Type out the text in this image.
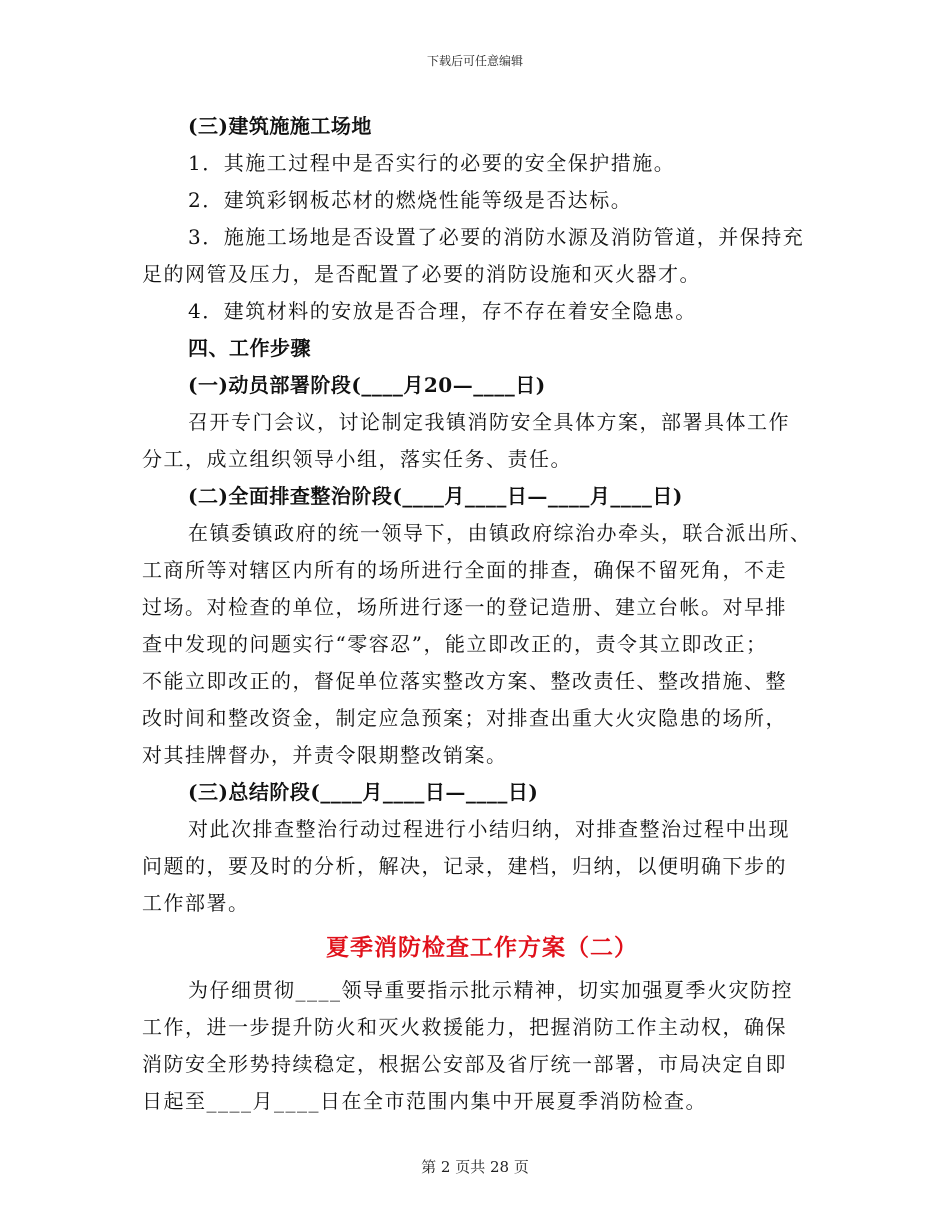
下载后可任意编辑
(三)建筑施施工场地
1．其施工过程中是否实行的必要的安全保护措施。
2．建筑彩钢板芯材的燃烧性能等级是否达标。
3．施施工场地是否设置了必要的消防水源及消防管道，并保持充
足的网管及压力，是否配置了必要的消防设施和灭火器才。
4．建筑材料的安放是否合理，存不存在着安全隐患。
四、工作步骤
(一)动员部署阶段(____月20—____日)
召开专门会议，讨论制定我镇消防安全具体方案，部署具体工作
分工，成立组织领导小组，落实任务、责任。
(二)全面排查整治阶段(____月____日—____月____日)
在镇委镇政府的统一领导下，由镇政府综治办牵头，联合派出所、
工商所等对辖区内所有的场所进行全面的排查，确保不留死角，不走
过场。对检查的单位，场所进行逐一的登记造册、建立台帐。对早排
查中发现的问题实行“零容忍”，能立即改正的，责令其立即改正；
不能立即改正的，督促单位落实整改方案、整改责任、整改措施、整
改时间和整改资金，制定应急预案；对排查出重大火灾隐患的场所，
对其挂牌督办，并责令限期整改销案。
(三)总结阶段(____月____日—____日)
对此次排查整治行动过程进行小结归纳，对排查整治过程中出现
问题的，要及时的分析，解决，记录，建档，归纳，以便明确下步的
工作部署。
夏季消防检查工作方案（二）
为仔细贯彻____领导重要指示批示精神，切实加强夏季火灾防控
工作，进一步提升防火和灭火救援能力，把握消防工作主动权，确保
消防安全形势持续稳定，根据公安部及省厅统一部署，市局决定自即
日起至____月____日在全市范围内集中开展夏季消防检查。
第 2 页共 28 页
